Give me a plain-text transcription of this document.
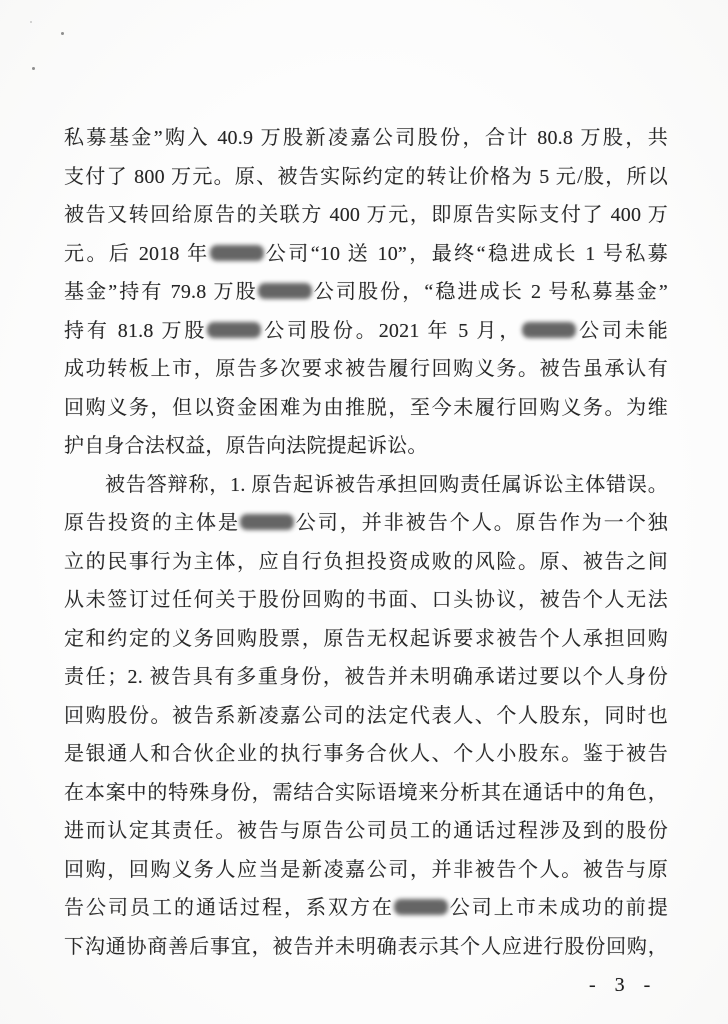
私募基金”购入 40.9 万股新凌嘉公司股份，合计 80.8 万股，共
支付了 800 万元。原、被告实际约定的转让价格为 5 元/股，所以
被告又转回给原告的关联方 400 万元，即原告实际支付了 400 万
元。后 2018 年	公司“10 送 10”，最终“稳进成长 1 号私募
基金”持有 79.8 万股	公司股份，“稳进成长 2 号私募基金”
持有 81.8 万股	公司股份。2021 年 5 月，	公司未能
成功转板上市，原告多次要求被告履行回购义务。被告虽承认有
回购义务，但以资金困难为由推脱，至今未履行回购义务。为维
护自身合法权益，原告向法院提起诉讼。
被告答辩称，1. 原告起诉被告承担回购责任属诉讼主体错误。
原告投资的主体是	公司，并非被告个人。原告作为一个独
立的民事行为主体，应自行负担投资成败的风险。原、被告之间
从未签订过任何关于股份回购的书面、口头协议，被告个人无法
定和约定的义务回购股票，原告无权起诉要求被告个人承担回购
责任；2. 被告具有多重身份，被告并未明确承诺过要以个人身份
回购股份。被告系新凌嘉公司的法定代表人、个人股东，同时也
是银通人和合伙企业的执行事务合伙人、个人小股东。鉴于被告
在本案中的特殊身份，需结合实际语境来分析其在通话中的角色，
进而认定其责任。被告与原告公司员工的通话过程涉及到的股份
回购，回购义务人应当是新凌嘉公司，并非被告个人。被告与原
告公司员工的通话过程，系双方在	公司上市未成功的前提
下沟通协商善后事宜，被告并未明确表示其个人应进行股份回购，
- 3 -
